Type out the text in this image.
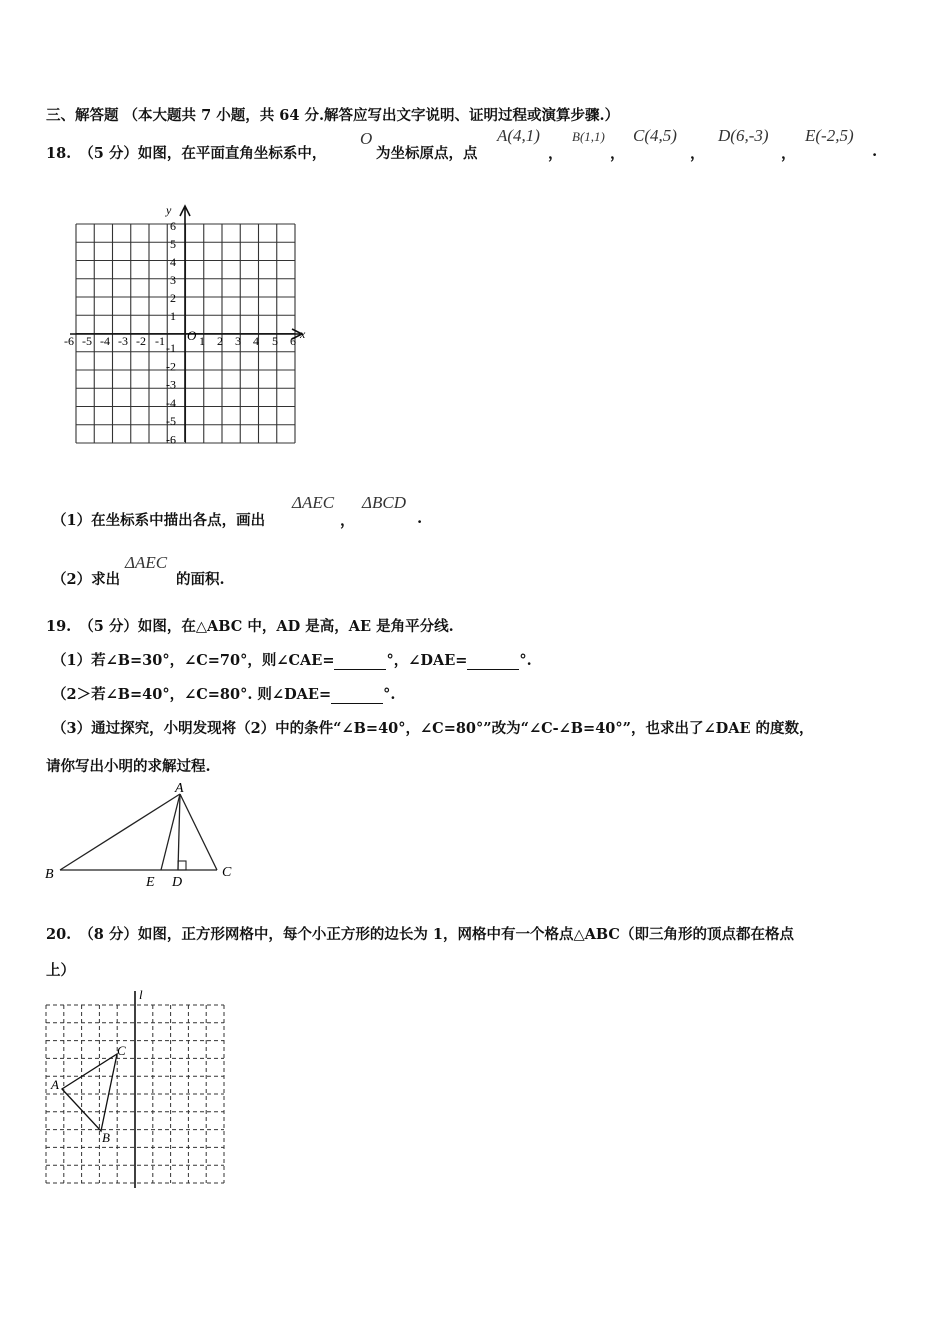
三、解答题 （本大题共 7 小题，共 64 分.解答应写出文字说明、证明过程或演算步骤.）
18. （5 分）如图，在平面直角坐标系中，
O
为坐标原点，点
A(4,1)
，
B(1,1)
，
C(4,5)
，
D(6,-3)
，
E(-2,5)
.
y
x
O
-6 -5 -4 -3 -2 -1	1 2 3 4 5 6
6
5
4
3
2
1
-1
-2
-3
-4
-5
-6
（1）在坐标系中描出各点，画出
ΔAEC
，
ΔBCD
.
（2）求出
ΔAEC
的面积.
19. （5 分）如图，在△ABC 中，AD 是高，AE 是角平分线.
（1）若∠B=30°，∠C=70°，则∠CAE=	°，∠DAE=	°.
（2＞若∠B=40°，∠C=80°. 则∠DAE=	°.
（3）通过探究，小明发现将（2）中的条件“∠B=40°，∠C=80°”改为“∠C-∠B=40°”，也求出了∠DAE 的度数，
请你写出小明的求解过程.
A
B	C
E D
20. （8 分）如图，正方形网格中，每个小正方形的边长为 1，网格中有一个格点△ABC（即三角形的顶点都在格点
上）
l
A
B
C
